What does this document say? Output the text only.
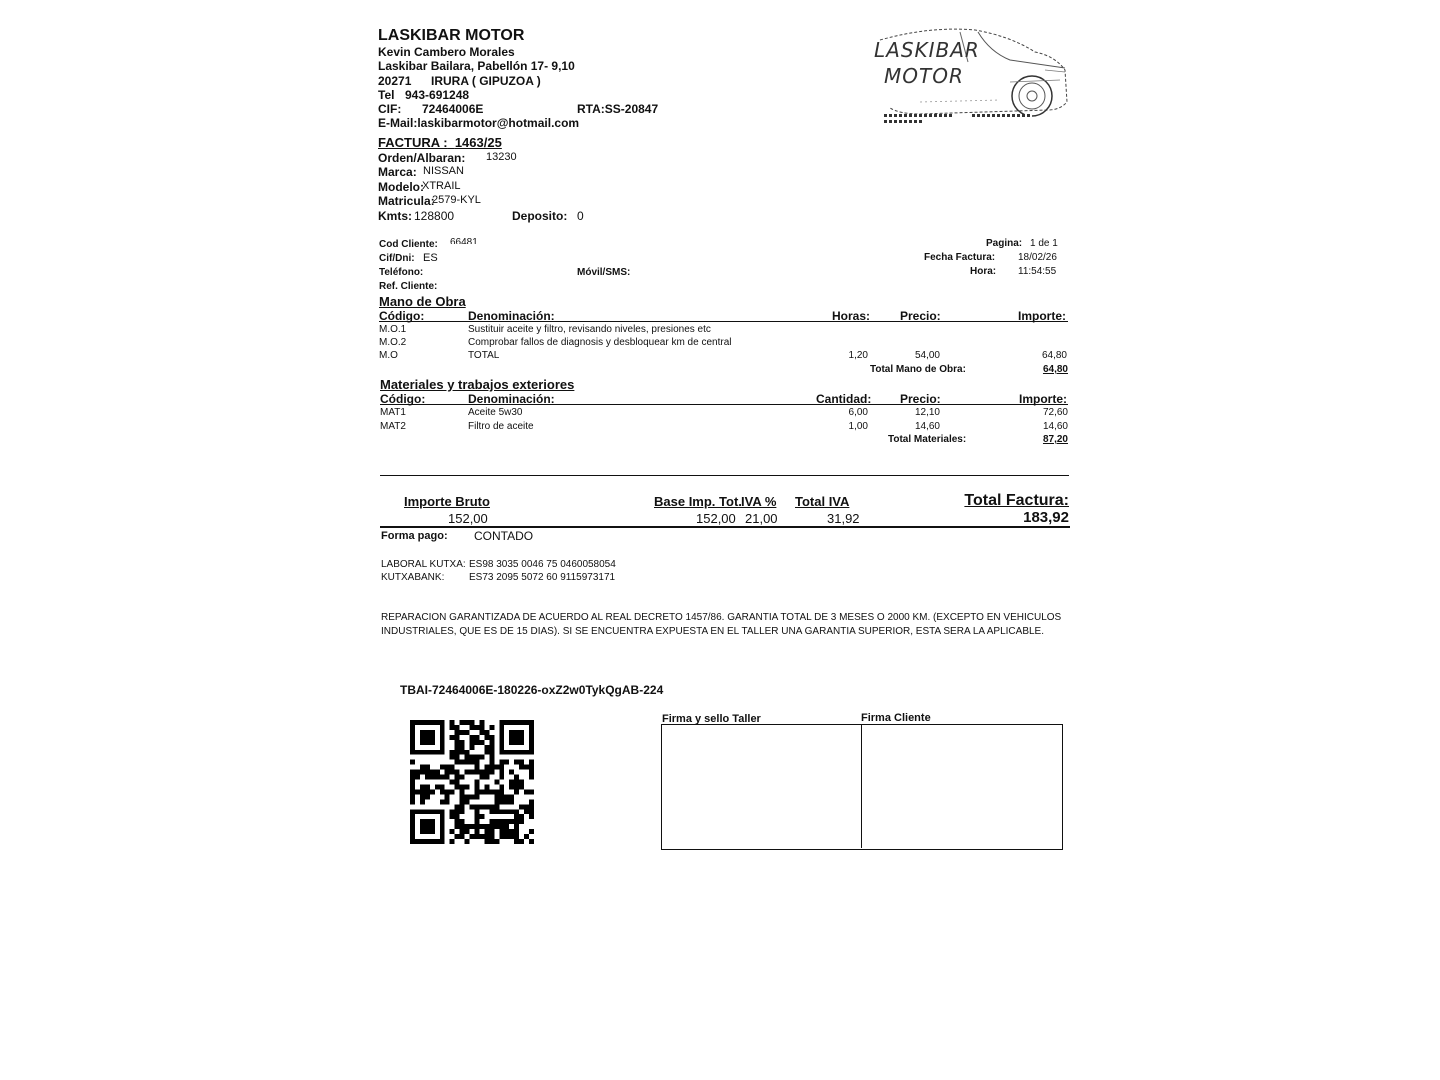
LASKIBAR MOTOR
Kevin Cambero Morales
Laskibar Bailara, Pabellón 17- 9,10
20271 IRURA ( GIPUZOA )
Tel 943-691248
CIF: 72464006E	RTA:SS-20847
E-Mail:laskibarmotor@hotmail.com
LASKIBAR
MOTOR
FACTURA : 1463/25
Orden/Albaran: 13230
Marca: NISSAN
Modelo:
XTRAIL
Matricula:
2579-KYL
Kmts: 128800	Deposito: 0
Cod Cliente: 66481
Cif/Dni: ES
Teléfono:	Móvil/SMS:
Ref. Cliente:
Pagina: 1 de 1
Fecha Factura: 18/02/26
Hora: 11:54:55
Mano de Obra
Código:	Denominación:	Horas: Precio:	Importe:
M.O.1	Sustituir aceite y filtro, revisando niveles, presiones etc
M.O.2	Comprobar fallos de diagnosis y desbloquear km de central
M.O	TOTAL	1,20	54,00	64,80
Total Mano de Obra:	64,80
Materiales y trabajos exteriores
Código:	Denominación:	Cantidad: Precio:	Importe:
MAT1	Aceite 5w30	6,00	12,10	72,60
MAT2	Filtro de aceite	1,00	14,60	14,60
Total Materiales:	87,20
Importe Bruto
152,00
Base Imp. Tot.
152,00
IVA %
21,00
Total IVA
31,92
Total Factura:
183,92
Forma pago: CONTADO
LABORAL KUTXA: ES98 3035 0046 75 0460058054
KUTXABANK: ES73 2095 5072 60 9115973171
REPARACION GARANTIZADA DE ACUERDO AL REAL DECRETO 1457/86. GARANTIA TOTAL DE 3 MESES O 2000 KM. (EXCEPTO EN VEHICULOS
INDUSTRIALES, QUE ES DE 15 DIAS). SI SE ENCUENTRA EXPUESTA EN EL TALLER UNA GARANTIA SUPERIOR, ESTA SERA LA APLICABLE.
TBAI-72464006E-180226-oxZ2w0TykQgAB-224
Firma y sello Taller	Firma Cliente
